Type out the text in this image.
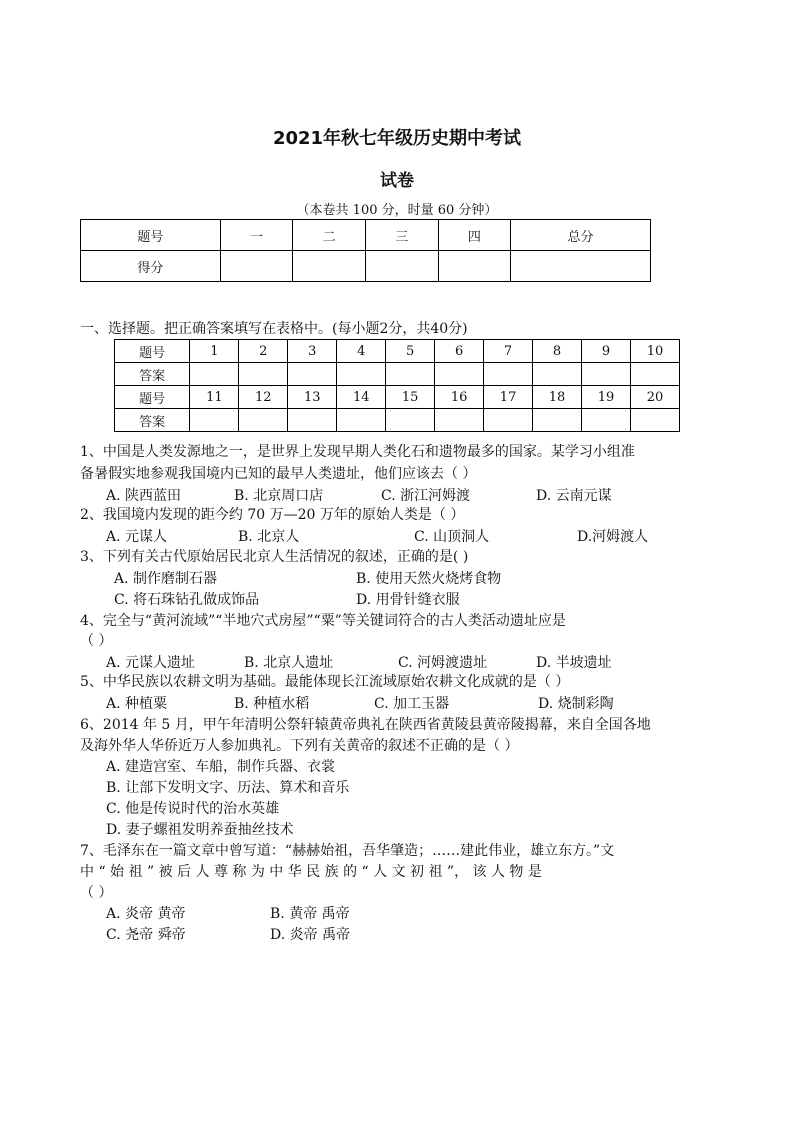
2021年秋七年级历史期中考试
试卷
（本卷共 100 分，时量 60 分钟）
题号	一	二	三	四	总分
得分					
一、选择题。把正确答案填写在表格中。(每小题2分，共40分)
题号	1	2	3	4	5	6	7	8	9	10
答案										
题号	11	12	13	14	15	16	17	18	19	20
答案										
1、中国是人类发源地之一，是世界上发现早期人类化石和遗物最多的国家。某学习小组准
备暑假实地参观我国境内已知的最早人类遗址，他们应该去（ ）
A. 陕西蓝田	B. 北京周口店	C. 浙江河姆渡	D. 云南元谋
2、我国境内发现的距今约 70 万—20 万年的原始人类是（ ）
A. 元谋人	B. 北京人	C. 山顶洞人	D.河姆渡人
3、下列有关古代原始居民北京人生活情况的叙述，正确的是( )
A. 制作磨制石器	B. 使用天然火烧烤食物
C. 将石珠钻孔做成饰品	D. 用骨针缝衣服
4、完全与“黄河流域”“半地穴式房屋”“粟”等关键词符合的古人类活动遗址应是
（ ）
A. 元谋人遗址	B. 北京人遗址	C. 河姆渡遗址	D. 半坡遗址
5、中华民族以农耕文明为基础。最能体现长江流域原始农耕文化成就的是（ ）
A. 种植粟	B. 种植水稻	C. 加工玉器	D. 烧制彩陶
6、2014 年 5 月，甲午年清明公祭轩辕黄帝典礼在陕西省黄陵县黄帝陵揭幕，来自全国各地
及海外华人华侨近万人参加典礼。下列有关黄帝的叙述不正确的是（ ）
A. 建造宫室、车船，制作兵器、衣裳
B. 让部下发明文字、历法、算术和音乐
C. 他是传说时代的治水英雄
D. 妻子螺祖发明养蚕抽丝技术
7、毛泽东在一篇文章中曾写道：“赫赫始祖，吾华肇造；……建此伟业，雄立东方。”文
中 “ 始 祖 ” 被 后 人 尊 称 为 中 华 民 族 的 “ 人 文 初 祖 ”， 该 人 物 是
（ ）
A. 炎帝 黄帝	B. 黄帝 禹帝
C. 尧帝 舜帝	D. 炎帝 禹帝
